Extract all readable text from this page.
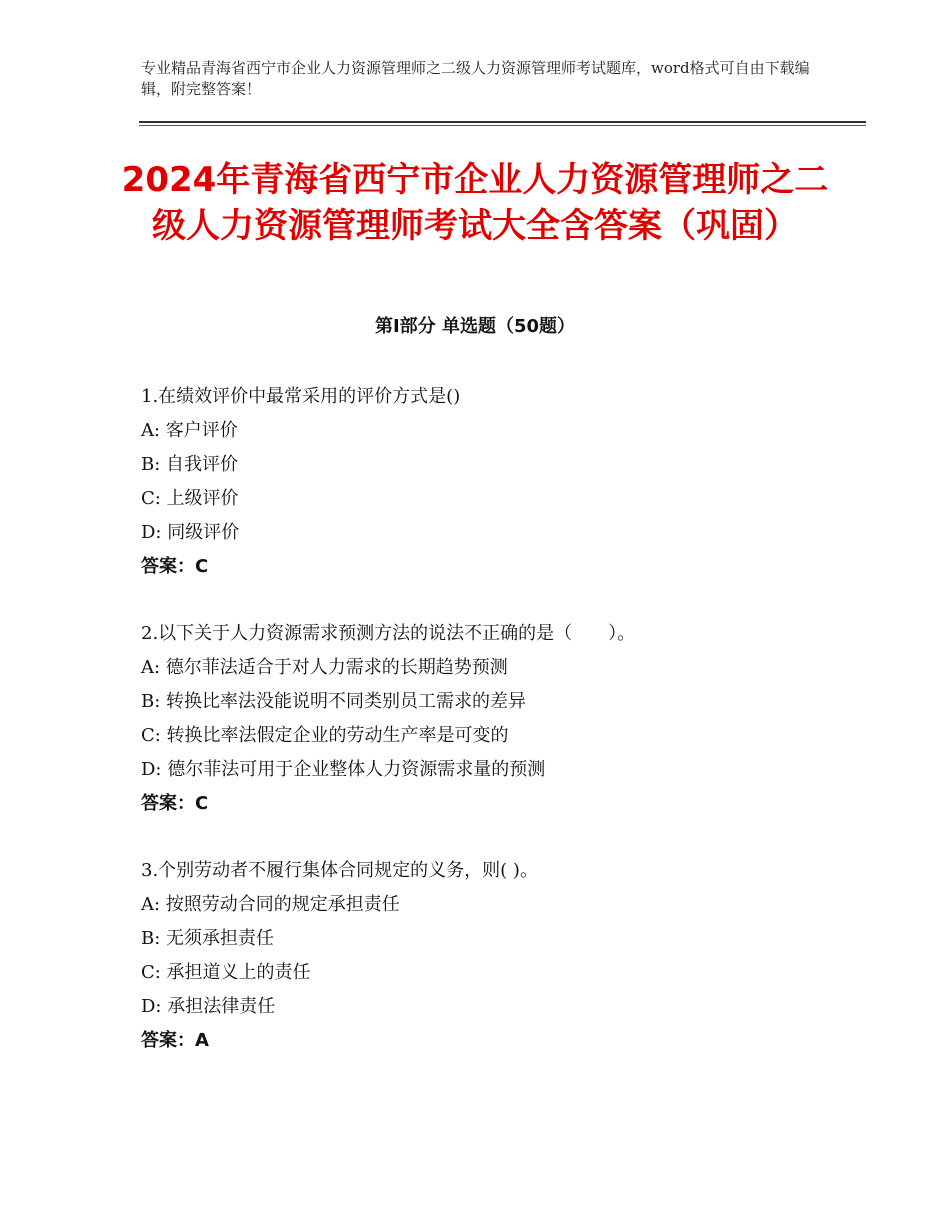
专业精品青海省西宁市企业人力资源管理师之二级人力资源管理师考试题库，word格式可自由下载编辑，附完整答案！
2024年青海省西宁市企业人力资源管理师之二级人力资源管理师考试大全含答案（巩固）
第Ⅰ部分 单选题（50题）
1.在绩效评价中最常采用的评价方式是()
A: 客户评价
B: 自我评价
C: 上级评价
D: 同级评价
答案：C
2.以下关于人力资源需求预测方法的说法不正确的是（　　）。
A: 德尔菲法适合于对人力需求的长期趋势预测
B: 转换比率法没能说明不同类别员工需求的差异
C: 转换比率法假定企业的劳动生产率是可变的
D: 德尔菲法可用于企业整体人力资源需求量的预测
答案：C
3.个别劳动者不履行集体合同规定的义务，则( )。
A: 按照劳动合同的规定承担责任
B: 无须承担责任
C: 承担道义上的责任
D: 承担法律责任
答案：A
